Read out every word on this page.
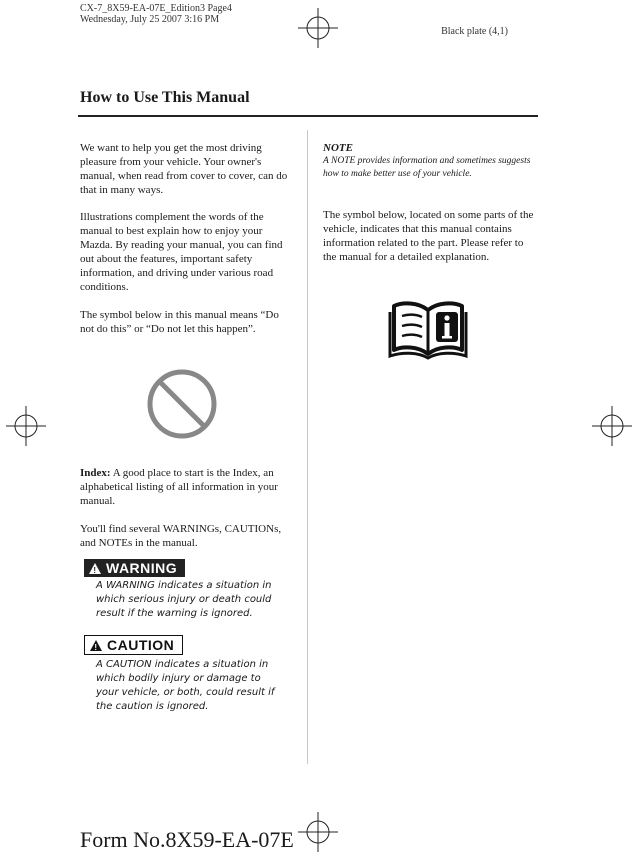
CX-7_8X59-EA-07E_Edition3 Page4
Wednesday, July 25 2007 3:16 PM
Black plate (4,1)
How to Use This Manual

We want to help you get the most driving pleasure from your vehicle. Your owner's manual, when read from cover to cover, can do that in many ways.

Illustrations complement the words of the manual to best explain how to enjoy your Mazda. By reading your manual, you can find out about the features, important safety information, and driving under various road conditions.

The symbol below in this manual means “Do not do this” or “Do not let this happen”.

Index: A good place to start is the Index, an alphabetical listing of all information in your manual.

You'll find several WARNINGs, CAUTIONs, and NOTEs in the manual.

! WARNING
A WARNING indicates a situation in which serious injury or death could result if the warning is ignored.
! CAUTION
A CAUTION indicates a situation in which bodily injury or damage to your vehicle, or both, could result if the caution is ignored.
NOTE
A NOTE provides information and sometimes suggests how to make better use of your vehicle.

The symbol below, located on some parts of the vehicle, indicates that this manual contains information related to the part. Please refer to the manual for a detailed explanation.

Form No.8X59-EA-07E
